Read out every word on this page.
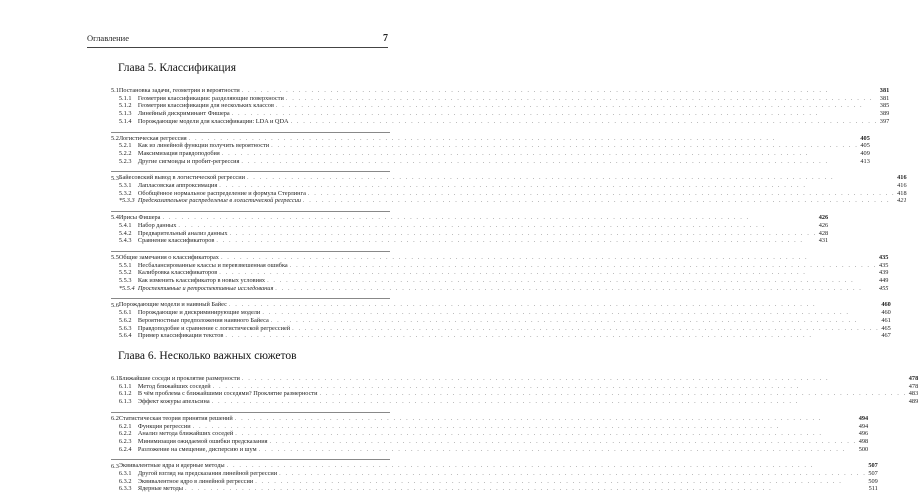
Оглавление	7
Глава 5. Классификация
5.1 Постановка задачи, геометрия и вероятности . . .	381
5.1.1	Геометрия классификации: разделяющие поверхности . . .	381
5.1.2	Геометрия классификации для нескольких классов . . .	385
5.1.3	Линейный дискриминант Фишера . . .	389
5.1.4	Порождающие модели для классификации: LDA и QDA . . .	397
5.2 Логистическая регрессия . . .	405
5.2.1	Как из линейной функции получить вероятности . . .	405
5.2.2	Максимизация правдоподобия . . .	409
5.2.3	Другие сигмоиды и пробит-регрессия . . .	413
5.3 Байесовский вывод в логистической регрессии . . .	416
5.3.1	Лапласовская аппроксимация . . .	416
5.3.2	Обобщённое нормальное распределение и формула Стерлинга . . .	418
*5.3.3 Предсказательное распределение в логистической регрессии . . .	421
5.4 Ирисы Фишера . . .	426
5.4.1	Набор данных . . .	426
5.4.2	Предварительный анализ данных . . .	428
5.4.3	Сравнение классификаторов . . .	431
5.5 Общие замечания о классификаторах . . .	435
5.5.1	Несбалансированные классы и перевзвешенная ошибка . . .	435
5.5.2	Калибровка классификаторов . . .	439
5.5.3	Как изменить классификатор в новых условиях . . .	449
*5.5.4 Проспективные и ретроспективные исследования . . .	455
5.6 Порождающие модели и наивный Байес . . .	460
5.6.1	Порождающие и дискриминирующие модели . . .	460
5.6.2	Вероятностные предположения наивного Байеса . . .	461
5.6.3	Правдоподобие и сравнение с логистической регрессией . . .	465
5.6.4	Пример классификации текстов . . .	467
Глава 6. Несколько важных сюжетов
6.1 Ближайшие соседи и проклятие размерности . . .	478
6.1.1	Метод ближайших соседей . . .	478
6.1.2	В чём проблема с ближайшими соседями? Проклятие размерности . . .	483
6.1.3	Эффект кожуры апельсина . . .	489
6.2 Статистическая теория принятия решений . . .	494
6.2.1	Функция регрессии . . .	494
6.2.2	Анализ метода ближайших соседей . . .	496
6.2.3	Минимизация ожидаемой ошибки предсказания . . .	498
6.2.4	Разложение на смещение, дисперсию и шум . . .	500
6.3 Эквивалентные ядра и ядерные методы . . .	507
6.3.1	Другой взгляд на предсказания линейной регрессии . . .	507
6.3.2	Эквивалентное ядро в линейной регрессии . . .	509
6.3.3	Ядерные методы . . .	511
